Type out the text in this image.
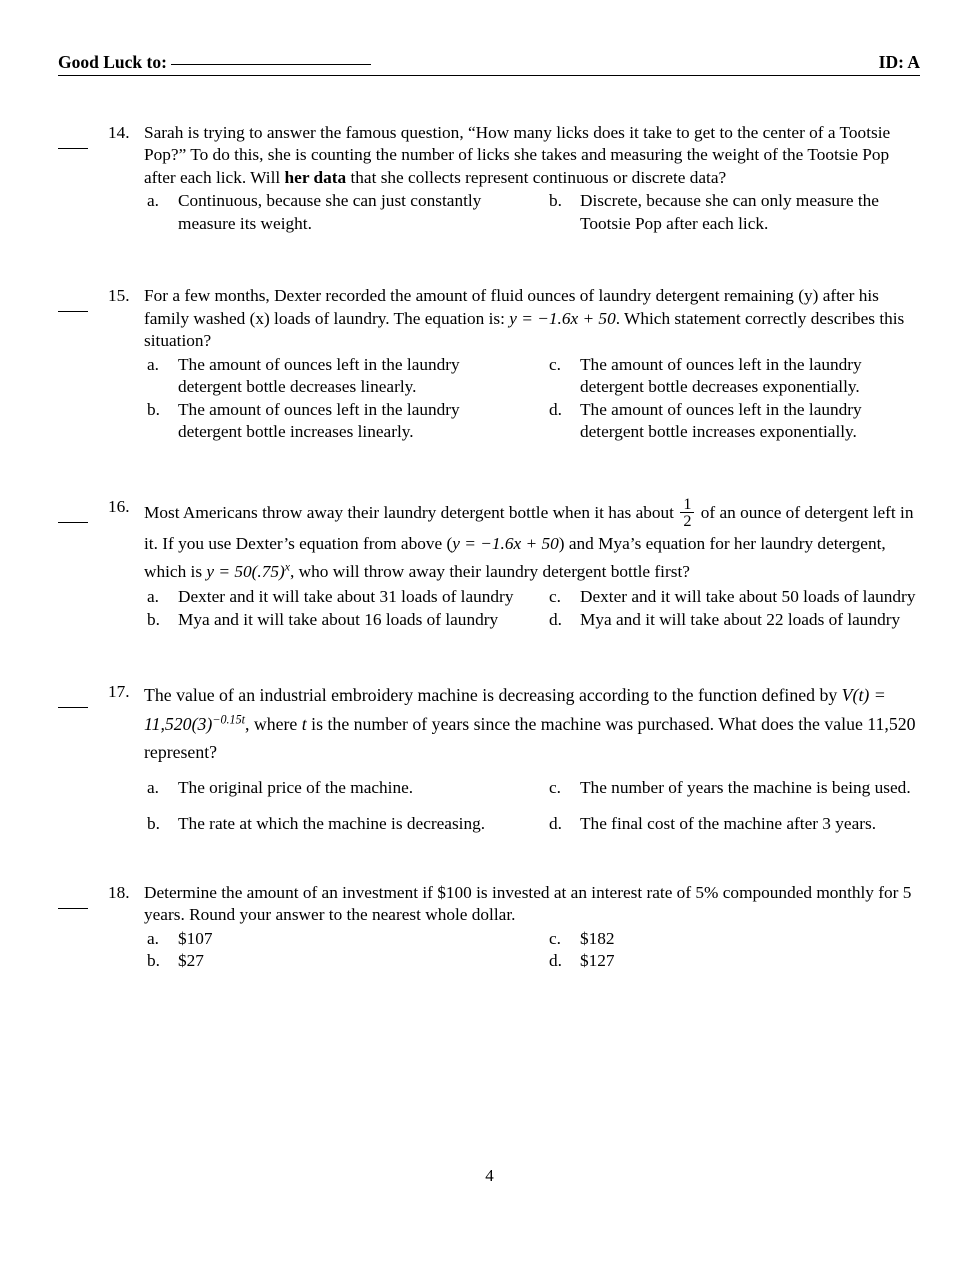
Good Luck to:	ID: A
14. Sarah is trying to answer the famous question, “How many licks does it take to get to the center of a Tootsie Pop?” To do this, she is counting the number of licks she takes and measuring the weight of the Tootsie Pop after each lick. Will her data that she collects represent continuous or discrete data?
a.	Continuous, because she can just constantly measure its weight.
b.	Discrete, because she can only measure the Tootsie Pop after each lick.
15. For a few months, Dexter recorded the amount of fluid ounces of laundry detergent remaining (y) after his family washed (x) loads of laundry. The equation is: y = −1.6x + 50. Which statement correctly describes this situation?
a.	The amount of ounces left in the laundry detergent bottle decreases linearly.
c.	The amount of ounces left in the laundry detergent bottle decreases exponentially.
b.	The amount of ounces left in the laundry detergent bottle increases linearly.
d.	The amount of ounces left in the laundry detergent bottle increases exponentially.
16. Most Americans throw away their laundry detergent bottle when it has about $\frac{1}{2}$ of an ounce of detergent left in it. If you use Dexter’s equation from above (y = −1.6x + 50) and Mya’s equation for her laundry detergent, which is $y = 50(.75)^x$, who will throw away their laundry detergent bottle first?
a.	Dexter and it will take about 31 loads of laundry c.	Dexter and it will take about 50 loads of laundry
b.	Mya and it will take about 16 loads of laundry	d.	Mya and it will take about 22 loads of laundry
17. The value of an industrial embroidery machine is decreasing according to the function defined by $V(t) = 11,520(3)^{-0.15t}$, where t is the number of years since the machine was purchased. What does the value 11,520 represent?
a.	The original price of the machine.	c.	The number of years the machine is being used.
b.	The rate at which the machine is decreasing.	d.	The final cost of the machine after 3 years.
18. Determine the amount of an investment if $100 is invested at an interest rate of 5% compounded monthly for 5 years. Round your answer to the nearest whole dollar.
a.	$107	c.	$182
b.	$27	d.	$127
4
